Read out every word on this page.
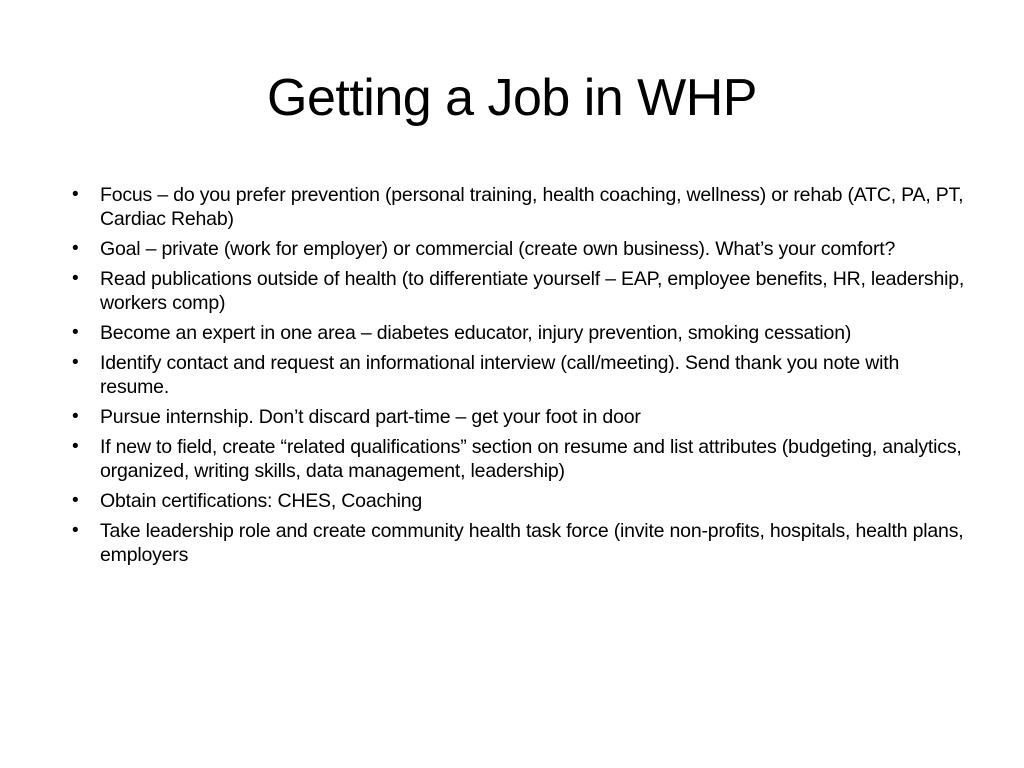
Getting a Job in WHP
•	Focus – do you prefer prevention (personal training, health coaching, wellness) or rehab (ATC, PA, PT, Cardiac Rehab)
•	Goal – private (work for employer) or commercial (create own business). What’s your comfort?
•	Read publications outside of health (to differentiate yourself – EAP, employee benefits, HR, leadership, workers comp)
•	Become an expert in one area – diabetes educator, injury prevention, smoking cessation)
•	Identify contact and request an informational interview (call/meeting). Send thank you note with resume.
•	Pursue internship. Don’t discard part-time – get your foot in door
•	If new to field, create “related qualifications” section on resume and list attributes (budgeting, analytics, organized, writing skills, data management, leadership)
•	Obtain certifications: CHES, Coaching
•	Take leadership role and create community health task force (invite non-profits, hospitals, health plans, employers
